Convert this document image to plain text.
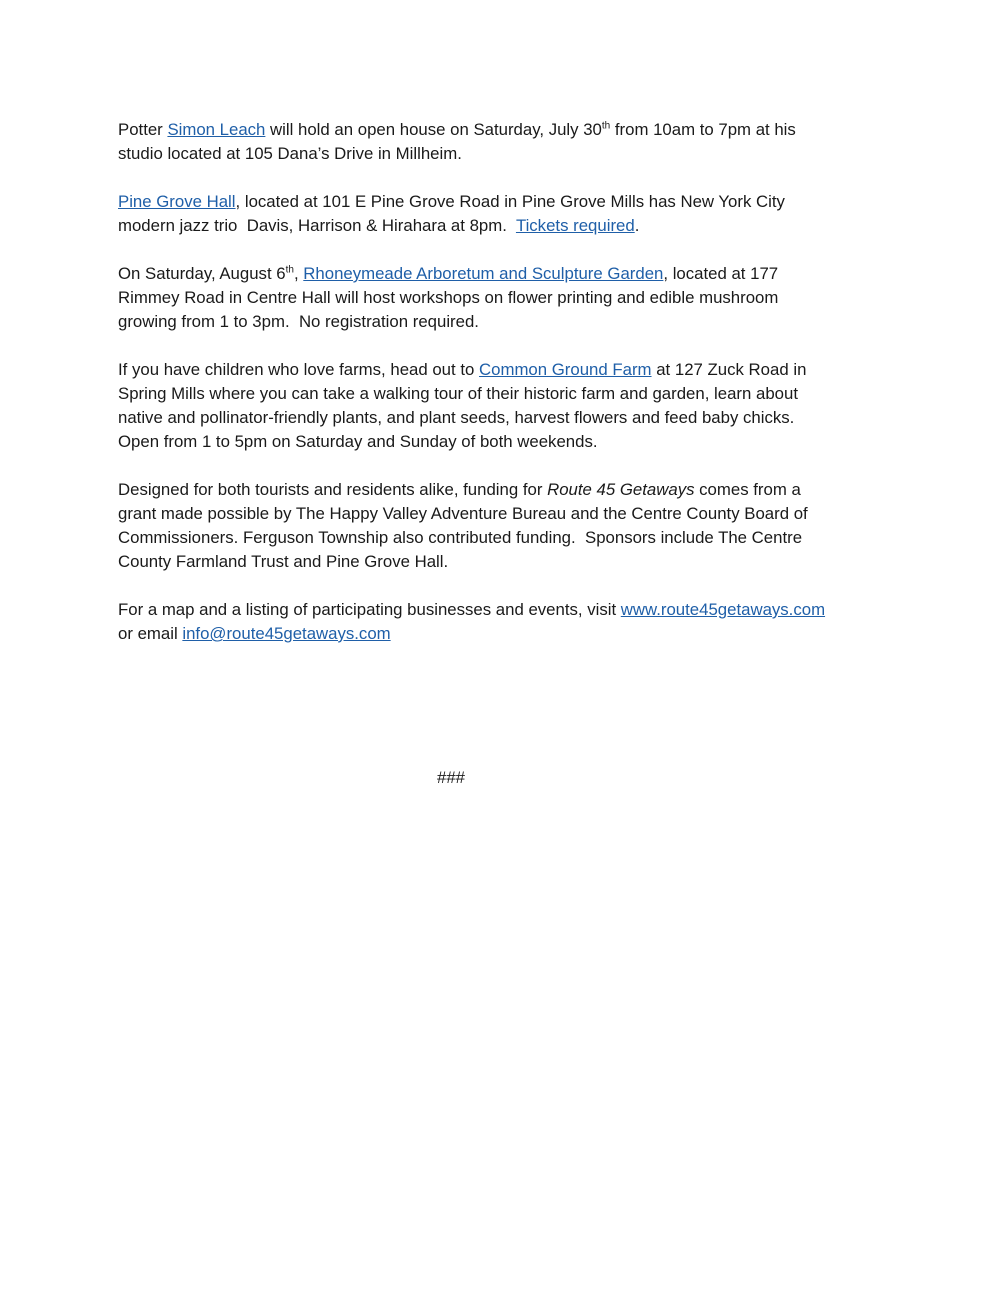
Potter Simon Leach will hold an open house on Saturday, July 30th from 10am to 7pm at his
studio located at 105 Dana’s Drive in Millheim.

Pine Grove Hall, located at 101 E Pine Grove Road in Pine Grove Mills has New York City
modern jazz trio  Davis, Harrison & Hirahara at 8pm.  Tickets required.

On Saturday, August 6th, Rhoneymeade Arboretum and Sculpture Garden, located at 177
Rimmey Road in Centre Hall will host workshops on flower printing and edible mushroom
growing from 1 to 3pm.  No registration required.

If you have children who love farms, head out to Common Ground Farm at 127 Zuck Road in
Spring Mills where you can take a walking tour of their historic farm and garden, learn about
native and pollinator-friendly plants, and plant seeds, harvest flowers and feed baby chicks.
Open from 1 to 5pm on Saturday and Sunday of both weekends.

Designed for both tourists and residents alike, funding for Route 45 Getaways comes from a
grant made possible by The Happy Valley Adventure Bureau and the Centre County Board of
Commissioners. Ferguson Township also contributed funding.  Sponsors include The Centre
County Farmland Trust and Pine Grove Hall.

For a map and a listing of participating businesses and events, visit www.route45getaways.com
or email info@route45getaways.com

###
